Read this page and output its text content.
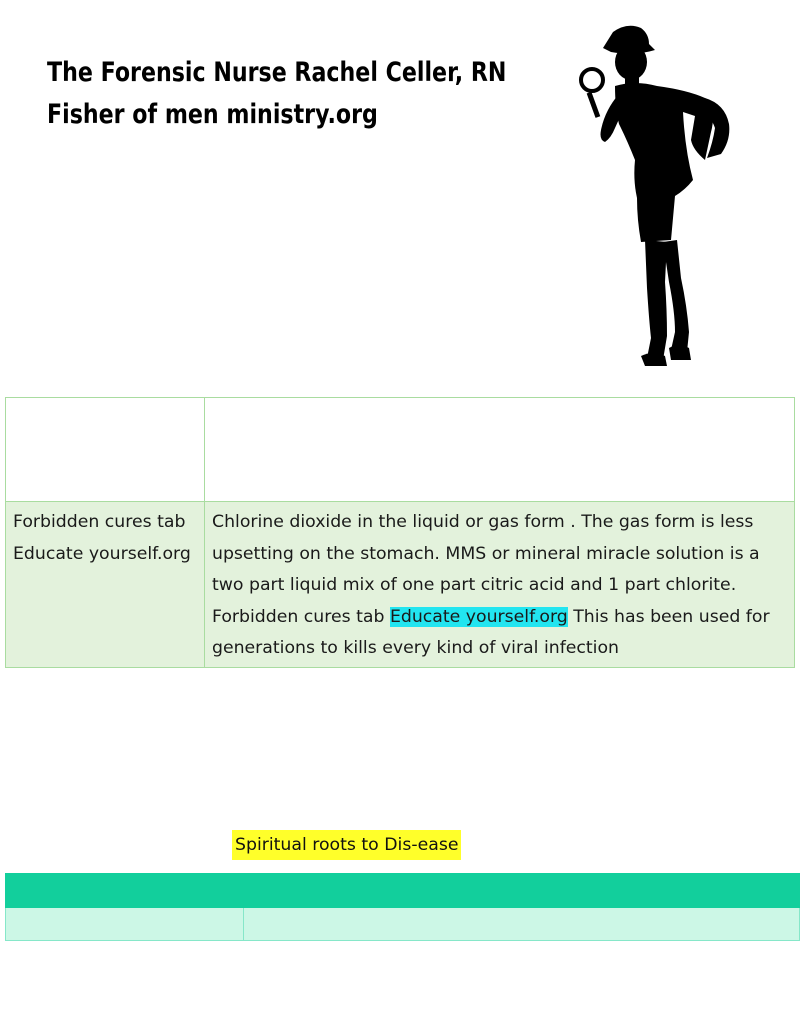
The Forensic Nurse Rachel Celler, RN
Fisher of men ministry.org

Forbidden cures tab
Educate yourself.org	Chlorine dioxide in the liquid or gas form . The gas form is less upsetting on the stomach. MMS or mineral miracle solution is a two part liquid mix of one part citric acid and 1 part chlorite. Forbidden cures tab Educate yourself.org This has been used for generations to kills every kind of viral infection
Spiritual roots to Dis-ease
